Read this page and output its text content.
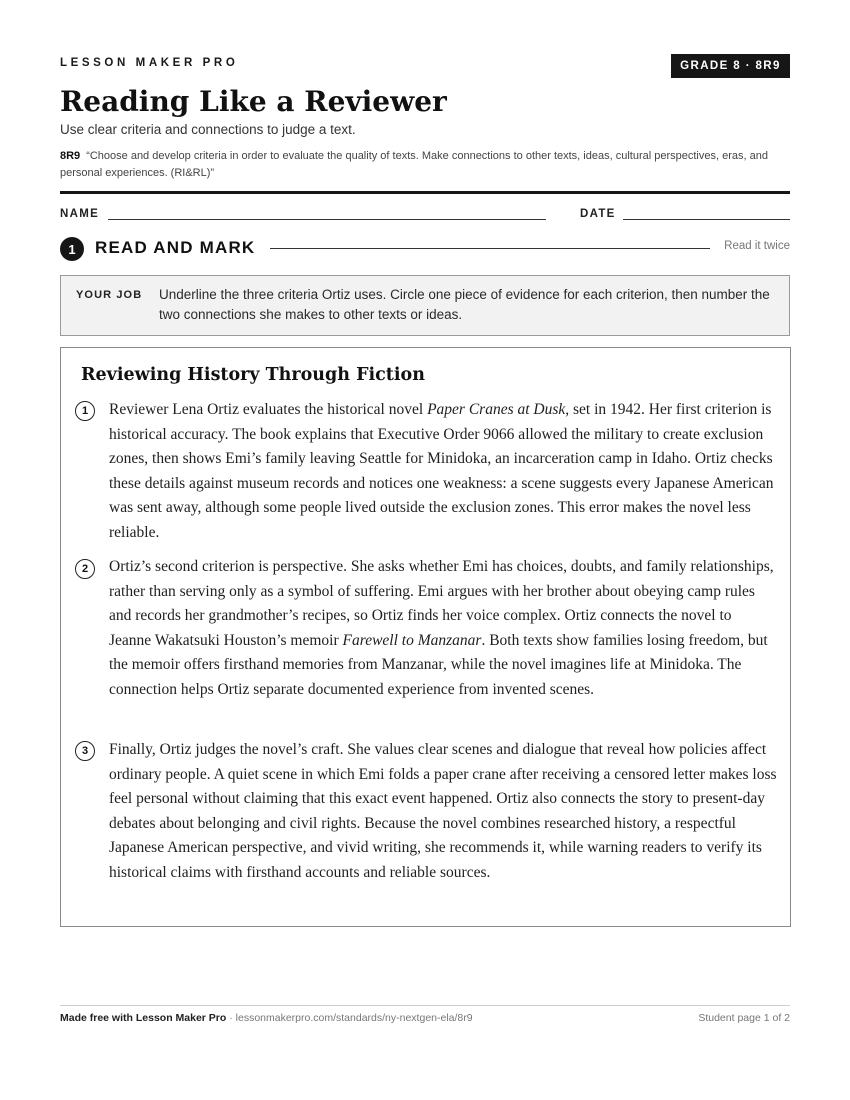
LESSON MAKER PRO	GRADE 8 · 8R9
Reading Like a Reviewer
Use clear criteria and connections to judge a text.
8R9 “Choose and develop criteria in order to evaluate the quality of texts. Make connections to other texts, ideas, cultural perspectives, eras, and personal experiences. (RI&RL)”
NAME	DATE
1	READ AND MARK	Read it twice
YOUR JOB Underline the three criteria Ortiz uses. Circle one piece of evidence for each criterion, then number the two connections she makes to other texts or ideas.
Reviewing History Through Fiction
1	Reviewer Lena Ortiz evaluates the historical novel Paper Cranes at Dusk, set in 1942. Her first criterion is historical accuracy. The book explains that Executive Order 9066 allowed the military to create exclusion zones, then shows Emi’s family leaving Seattle for Minidoka, an incarceration camp in Idaho. Ortiz checks these details against museum records and notices one weakness: a scene suggests every Japanese American was sent away, although some people lived outside the exclusion zones. This error makes the novel less reliable.

2	Ortiz’s second criterion is perspective. She asks whether Emi has choices, doubts, and family relationships, rather than serving only as a symbol of suffering. Emi argues with her brother about obeying camp rules and records her grandmother’s recipes, so Ortiz finds her voice complex. Ortiz connects the novel to Jeanne Wakatsuki Houston’s memoir Farewell to Manzanar. Both texts show families losing freedom, but the memoir offers firsthand memories from Manzanar, while the novel imagines life at Minidoka. The connection helps Ortiz separate documented experience from invented scenes.

3	Finally, Ortiz judges the novel’s craft. She values clear scenes and dialogue that reveal how policies affect ordinary people. A quiet scene in which Emi folds a paper crane after receiving a censored letter makes loss feel personal without claiming that this exact event happened. Ortiz also connects the story to present-day debates about belonging and civil rights. Because the novel combines researched history, a respectful Japanese American perspective, and vivid writing, she recommends it, while warning readers to verify its historical claims with firsthand accounts and reliable sources.

Made free with Lesson Maker Pro · lessonmakerpro.com/standards/ny-nextgen-ela/8r9	Student page 1 of 2
